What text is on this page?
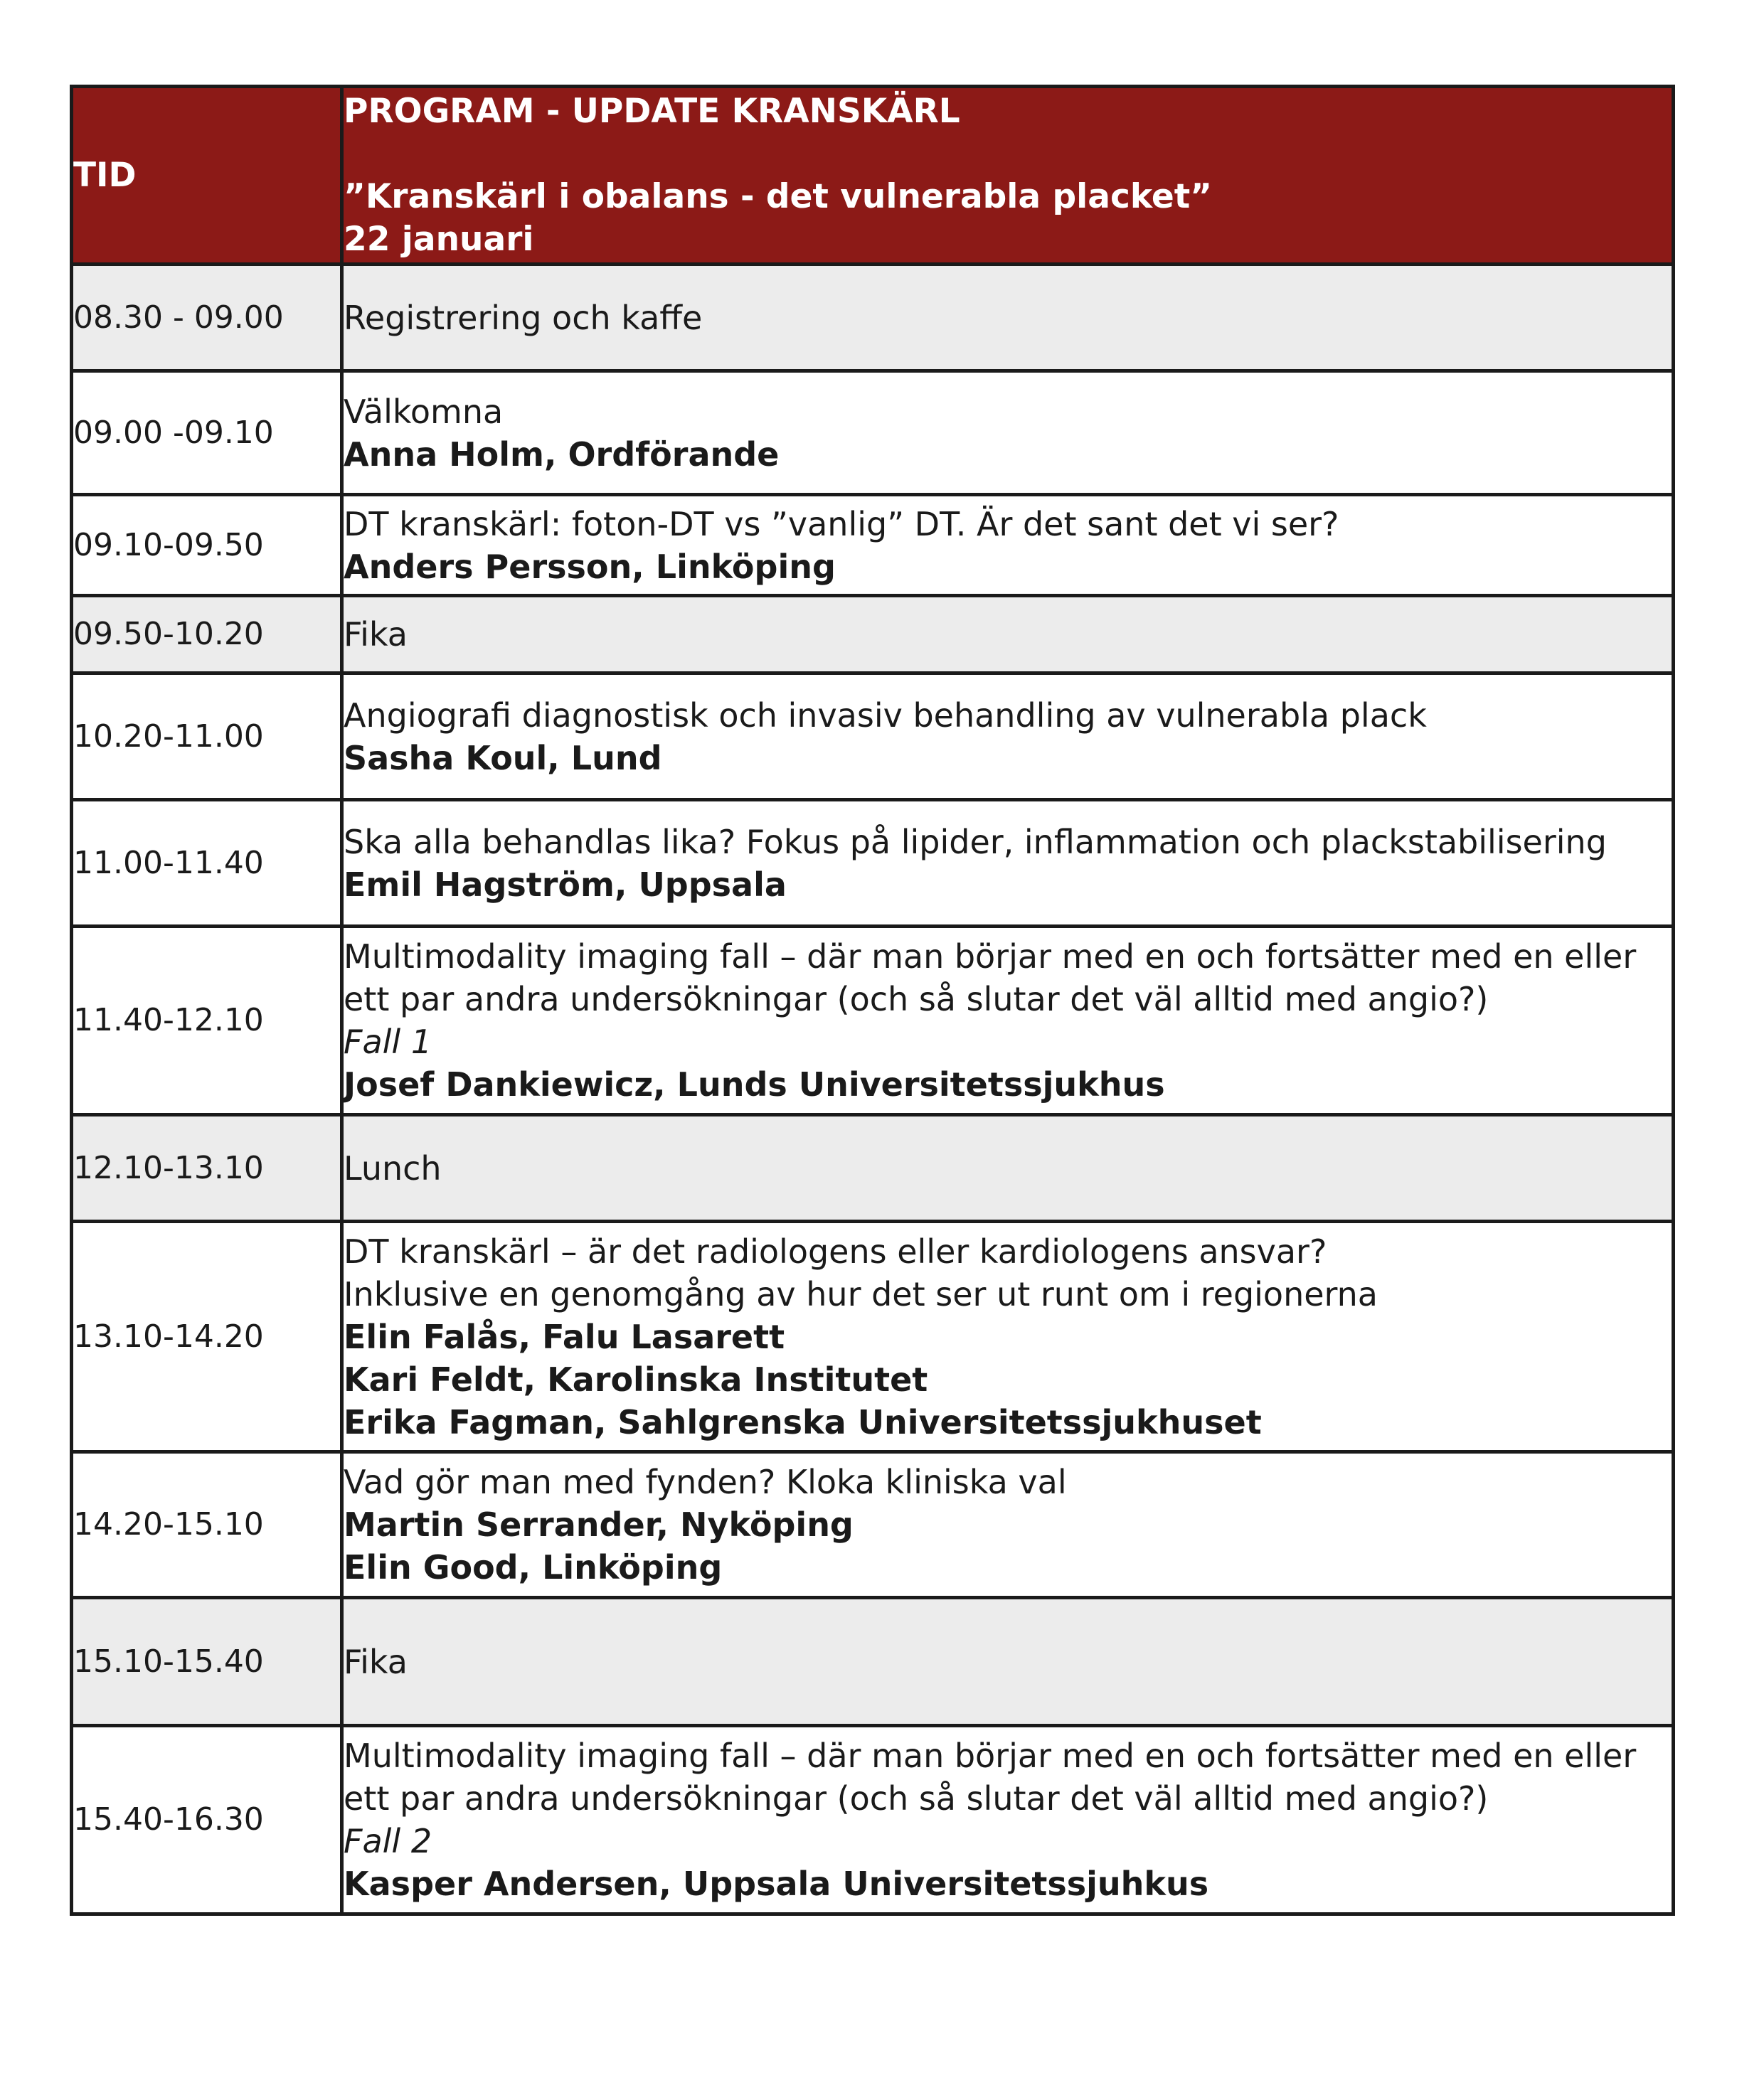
TID	PROGRAM - UPDATE KRANSKÄRL
”Kranskärl i obalans - det vulnerabla placket”
22 januari

08.30 - 09.00	Registrering och kaffe

09.00 -09.10	Välkomna
Anna Holm, Ordförande

09.10-09.50	DT kranskärl: foton-DT vs ”vanlig” DT. Är det sant det vi ser?
Anders Persson, Linköping

09.50-10.20	Fika

10.20-11.00	Angiografi diagnostisk och invasiv behandling av vulnerabla plack
Sasha Koul, Lund

11.00-11.40	Ska alla behandlas lika? Fokus på lipider, inflammation och plackstabilisering
Emil Hagström, Uppsala

11.40-12.10	Multimodality imaging fall – där man börjar med en och fortsätter med en eller
ett par andra undersökningar (och så slutar det väl alltid med angio?)
Fall 1
Josef Dankiewicz, Lunds Universitetssjukhus

12.10-13.10	Lunch

13.10-14.20	DT kranskärl – är det radiologens eller kardiologens ansvar?
Inklusive en genomgång av hur det ser ut runt om i regionerna
Elin Falås, Falu Lasarett
Kari Feldt, Karolinska Institutet
Erika Fagman, Sahlgrenska Universitetssjukhuset

14.20-15.10	Vad gör man med fynden? Kloka kliniska val
Martin Serrander, Nyköping
Elin Good, Linköping

15.10-15.40	Fika

15.40-16.30	Multimodality imaging fall – där man börjar med en och fortsätter med en eller
ett par andra undersökningar (och så slutar det väl alltid med angio?)
Fall 2
Kasper Andersen, Uppsala Universitetssjuhkus
